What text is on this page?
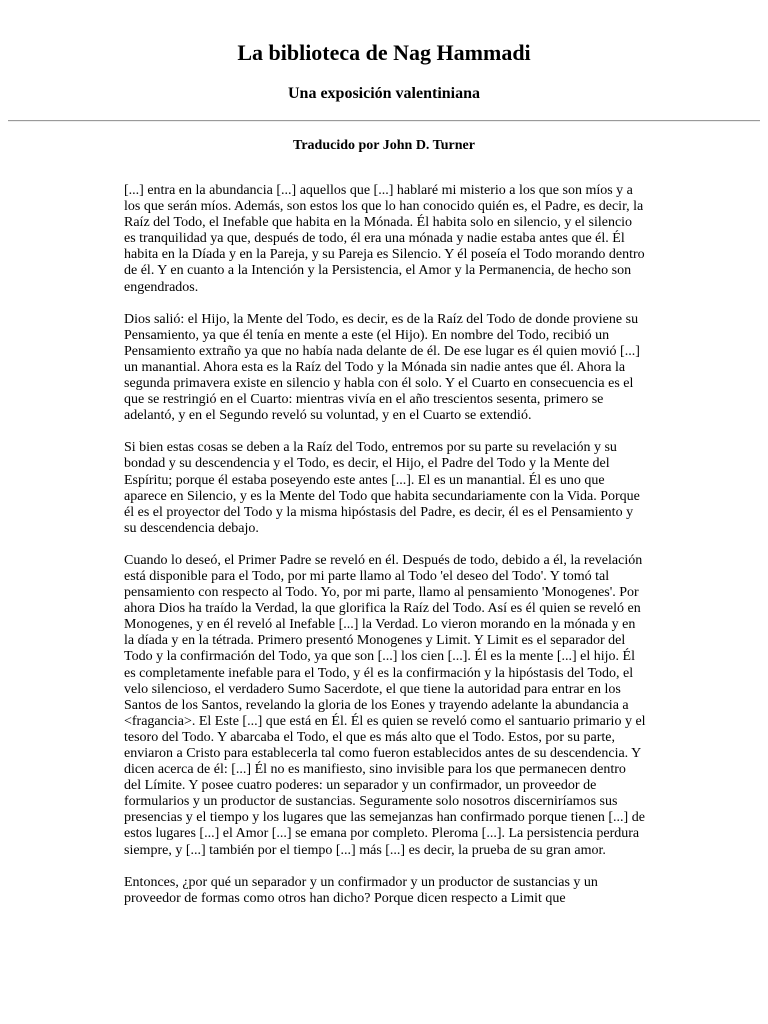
La biblioteca de Nag Hammadi
Una exposición valentiniana
Traducido por John D. Turner

[...] entra en la abundancia [...] aquellos que [...] hablaré mi misterio a los que son míos y a los que serán míos. Además, son estos los que lo han conocido quién es, el Padre, es decir, la Raíz del Todo, el Inefable que habita en la Mónada. Él habita solo en silencio, y el silencio es tranquilidad ya que, después de todo, él era una mónada y nadie estaba antes que él. Él habita en la Díada y en la Pareja, y su Pareja es Silencio. Y él poseía el Todo morando dentro de él. Y en cuanto a la Intención y la Persistencia, el Amor y la Permanencia, de hecho son engendrados.

Dios salió: el Hijo, la Mente del Todo, es decir, es de la Raíz del Todo de donde proviene su Pensamiento, ya que él tenía en mente a este (el Hijo). En nombre del Todo, recibió un Pensamiento extraño ya que no había nada delante de él. De ese lugar es él quien movió [...] un manantial. Ahora esta es la Raíz del Todo y la Mónada sin nadie antes que él. Ahora la segunda primavera existe en silencio y habla con él solo. Y el Cuarto en consecuencia es el que se restringió en el Cuarto: mientras vivía en el año trescientos sesenta, primero se adelantó, y en el Segundo reveló su voluntad, y en el Cuarto se extendió.

Si bien estas cosas se deben a la Raíz del Todo, entremos por su parte su revelación y su bondad y su descendencia y el Todo, es decir, el Hijo, el Padre del Todo y la Mente del Espíritu; porque él estaba poseyendo este antes [...]. El es un manantial. Él es uno que aparece en Silencio, y es la Mente del Todo que habita secundariamente con la Vida. Porque él es el proyector del Todo y la misma hipóstasis del Padre, es decir, él es el Pensamiento y su descendencia debajo.

Cuando lo deseó, el Primer Padre se reveló en él. Después de todo, debido a él, la revelación está disponible para el Todo, por mi parte llamo al Todo 'el deseo del Todo'. Y tomó tal pensamiento con respecto al Todo. Yo, por mi parte, llamo al pensamiento 'Monogenes'. Por ahora Dios ha traído la Verdad, la que glorifica la Raíz del Todo. Así es él quien se reveló en Monogenes, y en él reveló al Inefable [...] la Verdad. Lo vieron morando en la mónada y en la díada y en la tétrada. Primero presentó Monogenes y Limit. Y Limit es el separador del Todo y la confirmación del Todo, ya que son [...] los cien [...]. Él es la mente [...] el hijo. Él es completamente inefable para el Todo, y él es la confirmación y la hipóstasis del Todo, el velo silencioso, el verdadero Sumo Sacerdote, el que tiene la autoridad para entrar en los Santos de los Santos, revelando la gloria de los Eones y trayendo adelante la abundancia a <fragancia>. El Este [...] que está en Él. Él es quien se reveló como el santuario primario y el tesoro del Todo. Y abarcaba el Todo, el que es más alto que el Todo. Estos, por su parte, enviaron a Cristo para establecerla tal como fueron establecidos antes de su descendencia. Y dicen acerca de él: [...] Él no es manifiesto, sino invisible para los que permanecen dentro del Límite. Y posee cuatro poderes: un separador y un confirmador, un proveedor de formularios y un productor de sustancias. Seguramente solo nosotros discerniríamos sus presencias y el tiempo y los lugares que las semejanzas han confirmado porque tienen [...] de estos lugares [...] el Amor [...] se emana por completo. Pleroma [...]. La persistencia perdura siempre, y [...] también por el tiempo [...] más [...] es decir, la prueba de su gran amor.

Entonces, ¿por qué un separador y un confirmador y un productor de sustancias y un proveedor de formas como otros han dicho? Porque dicen respecto a Limit que
